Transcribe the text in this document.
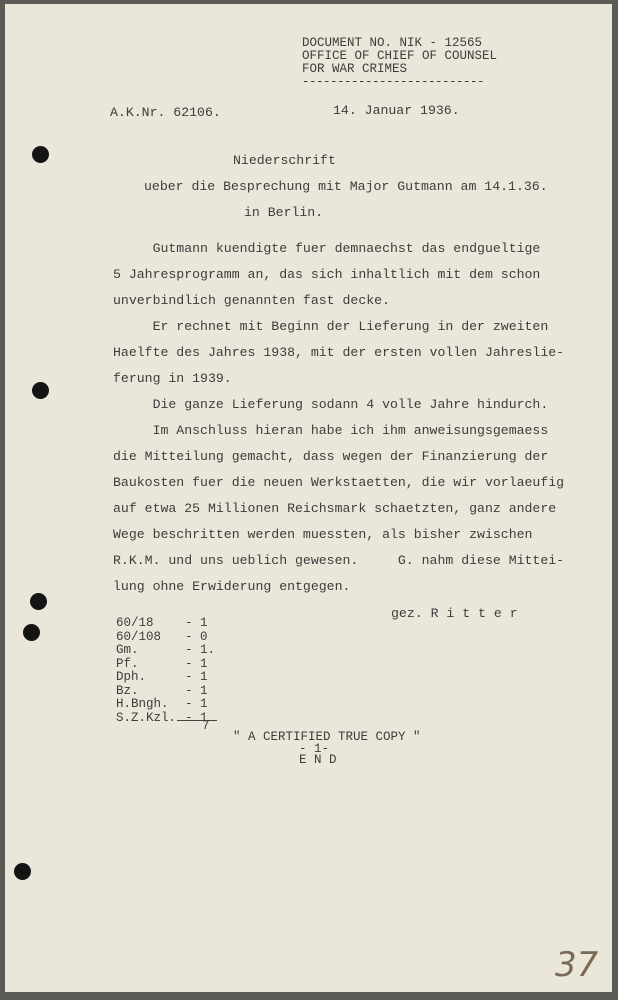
DOCUMENT NO. NIK - 12565
OFFICE OF CHIEF OF COUNSEL
FOR WAR CRIMES
--------------------------
A.K.Nr. 62106.	14. Januar 1936.
Niederschrift
ueber die Besprechung mit Major Gutmann am 14.1.36.
in Berlin.
Gutmann kuendigte fuer demnaechst das endgueltige
5 Jahresprogramm an, das sich inhaltlich mit dem schon
unverbindlich genannten fast decke.
Er rechnet mit Beginn der Lieferung in der zweiten
Haelfte des Jahres 1938, mit der ersten vollen Jahreslie-
ferung in 1939.
Die ganze Lieferung sodann 4 volle Jahre hindurch.
Im Anschluss hieran habe ich ihm anweisungsgemaess
die Mitteilung gemacht, dass wegen der Finanzierung der
Baukosten fuer die neuen Werkstaetten, die wir vorlaeufig
auf etwa 25 Millionen Reichsmark schaetzten, ganz andere
Wege beschritten werden muessten, als bisher zwischen
R.K.M. und uns ueblich gewesen.     G. nahm diese Mittei-
lung ohne Erwiderung entgegen.
gez. R i t t e r
60/18	- 1
60/108 - 0
Gm.	- 1.
Pf.	- 1
Dph.	- 1
Bz.	- 1
H.Bngh. - 1
S.Z.Kzl. - 1
7
" A CERTIFIED TRUE COPY "
- 1-
E N D
37
